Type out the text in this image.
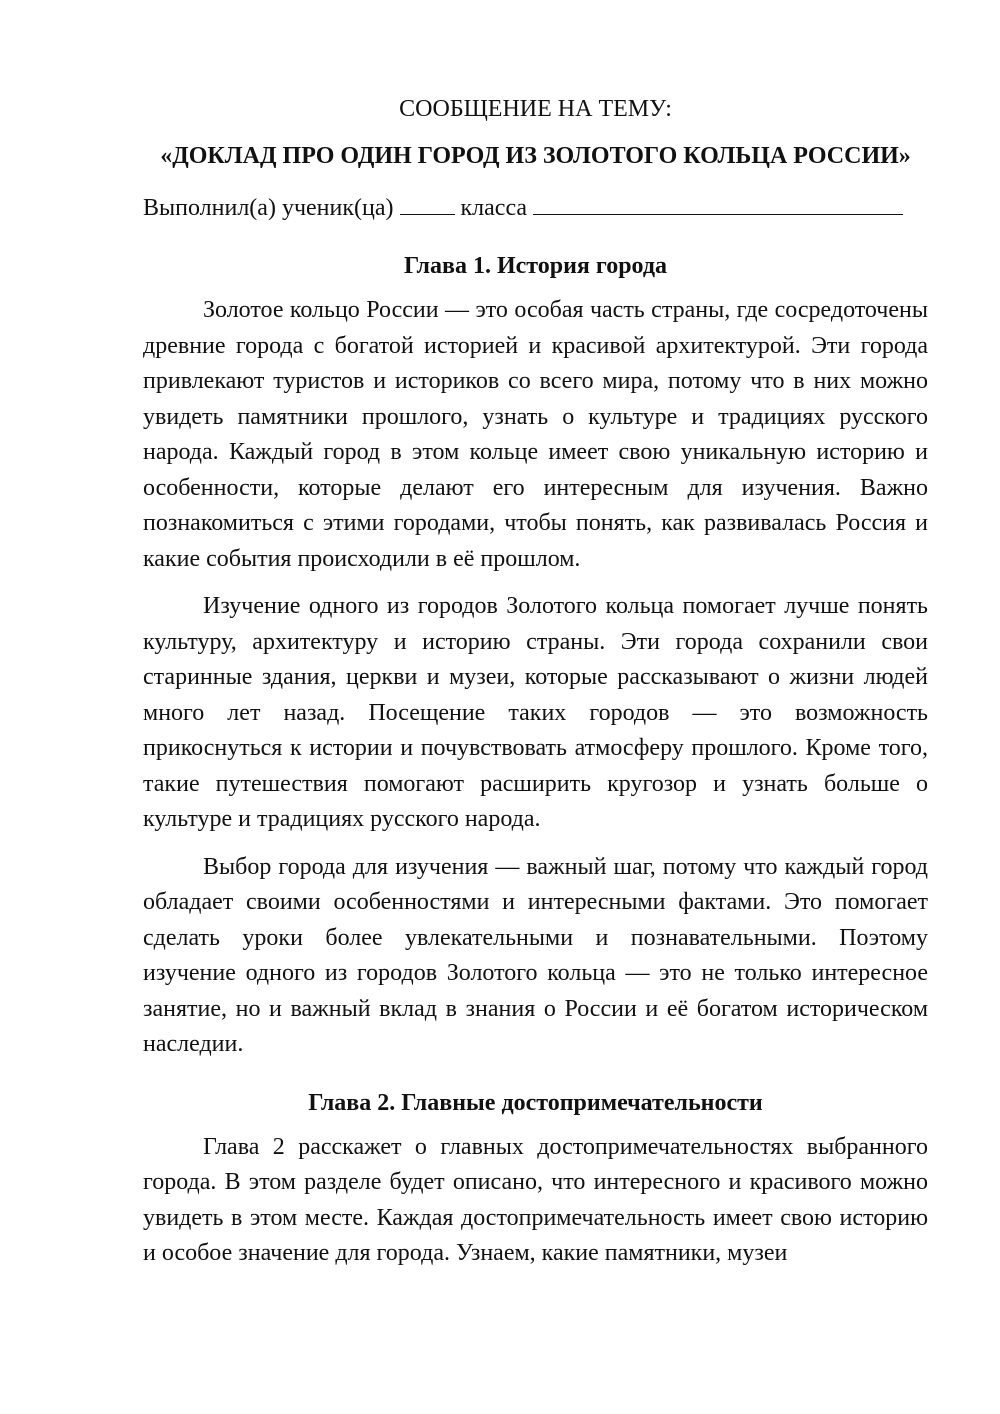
СООБЩЕНИЕ НА ТЕМУ:
«ДОКЛАД ПРО ОДИН ГОРОД ИЗ ЗОЛОТОГО КОЛЬЦА РОССИИ»
Выполнил(а) ученик(ца)	класса
Глава 1. История города

Золотое кольцо России — это особая часть страны, где сосредоточены древние города с богатой историей и красивой архитектурой. Эти города привлекают туристов и историков со всего мира, потому что в них можно увидеть памятники прошлого, узнать о культуре и традициях русского народа. Каждый город в этом кольце имеет свою уникальную историю и особенности, которые делают его интересным для изучения. Важно познакомиться с этими городами, чтобы понять, как развивалась Россия и какие события происходили в её прошлом.

Изучение одного из городов Золотого кольца помогает лучше понять культуру, архитектуру и историю страны. Эти города сохранили свои старинные здания, церкви и музеи, которые рассказывают о жизни людей много лет назад. Посещение таких городов — это возможность прикоснуться к истории и почувствовать атмосферу прошлого. Кроме того, такие путешествия помогают расширить кругозор и узнать больше о культуре и традициях русского народа.

Выбор города для изучения — важный шаг, потому что каждый город обладает своими особенностями и интересными фактами. Это помогает сделать уроки более увлекательными и познавательными. Поэтому изучение одного из городов Золотого кольца — это не только интересное занятие, но и важный вклад в знания о России и её богатом историческом наследии.

Глава 2. Главные достопримечательности

Глава 2 расскажет о главных достопримечательностях выбранного города. В этом разделе будет описано, что интересного и красивого можно увидеть в этом месте. Каждая достопримечательность имеет свою историю и особое значение для города. Узнаем, какие памятники, музеи
